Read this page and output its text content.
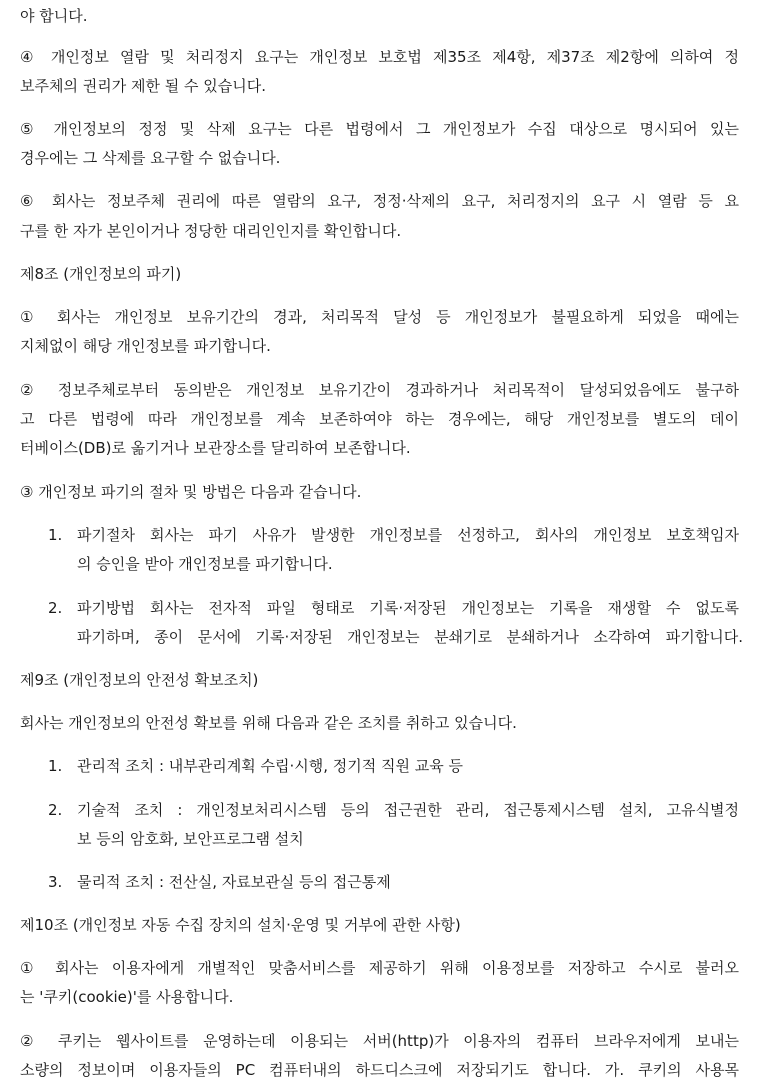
야 합니다.
④ 개인정보 열람 및 처리정지 요구는 개인정보 보호법 제35조 제4항, 제37조 제2항에 의하여 정
보주체의 권리가 제한 될 수 있습니다.
⑤ 개인정보의 정정 및 삭제 요구는 다른 법령에서 그 개인정보가 수집 대상으로 명시되어 있는
경우에는 그 삭제를 요구할 수 없습니다.
⑥ 회사는 정보주체 권리에 따른 열람의 요구, 정정·삭제의 요구, 처리정지의 요구 시 열람 등 요
구를 한 자가 본인이거나 정당한 대리인인지를 확인합니다.
제8조 (개인정보의 파기)
① 회사는 개인정보 보유기간의 경과, 처리목적 달성 등 개인정보가 불필요하게 되었을 때에는
지체없이 해당 개인정보를 파기합니다.
② 정보주체로부터 동의받은 개인정보 보유기간이 경과하거나 처리목적이 달성되었음에도 불구하
고 다른 법령에 따라 개인정보를 계속 보존하여야 하는 경우에는, 해당 개인정보를 별도의 데이
터베이스(DB)로 옮기거나 보관장소를 달리하여 보존합니다.
③ 개인정보 파기의 절차 및 방법은 다음과 같습니다.
1. 파기절차 회사는 파기 사유가 발생한 개인정보를 선정하고, 회사의 개인정보 보호책임자
의 승인을 받아 개인정보를 파기합니다.
2. 파기방법 회사는 전자적 파일 형태로 기록·저장된 개인정보는 기록을 재생할 수 없도록
파기하며, 종이 문서에 기록·저장된 개인정보는 분쇄기로 분쇄하거나 소각하여 파기합니다.
제9조 (개인정보의 안전성 확보조치)
회사는 개인정보의 안전성 확보를 위해 다음과 같은 조치를 취하고 있습니다.
1. 관리적 조치 : 내부관리계획 수립·시행, 정기적 직원 교육 등
2. 기술적 조치 : 개인정보처리시스템 등의 접근권한 관리, 접근통제시스템 설치, 고유식별정
보 등의 암호화, 보안프로그램 설치
3. 물리적 조치 : 전산실, 자료보관실 등의 접근통제
제10조 (개인정보 자동 수집 장치의 설치·운영 및 거부에 관한 사항)
① 회사는 이용자에게 개별적인 맞춤서비스를 제공하기 위해 이용정보를 저장하고 수시로 불러오
는 '쿠키(cookie)'를 사용합니다.
② 쿠키는 웹사이트를 운영하는데 이용되는 서버(http)가 이용자의 컴퓨터 브라우저에게 보내는
소량의 정보이며 이용자들의 PC 컴퓨터내의 하드디스크에 저장되기도 합니다. 가. 쿠키의 사용목
